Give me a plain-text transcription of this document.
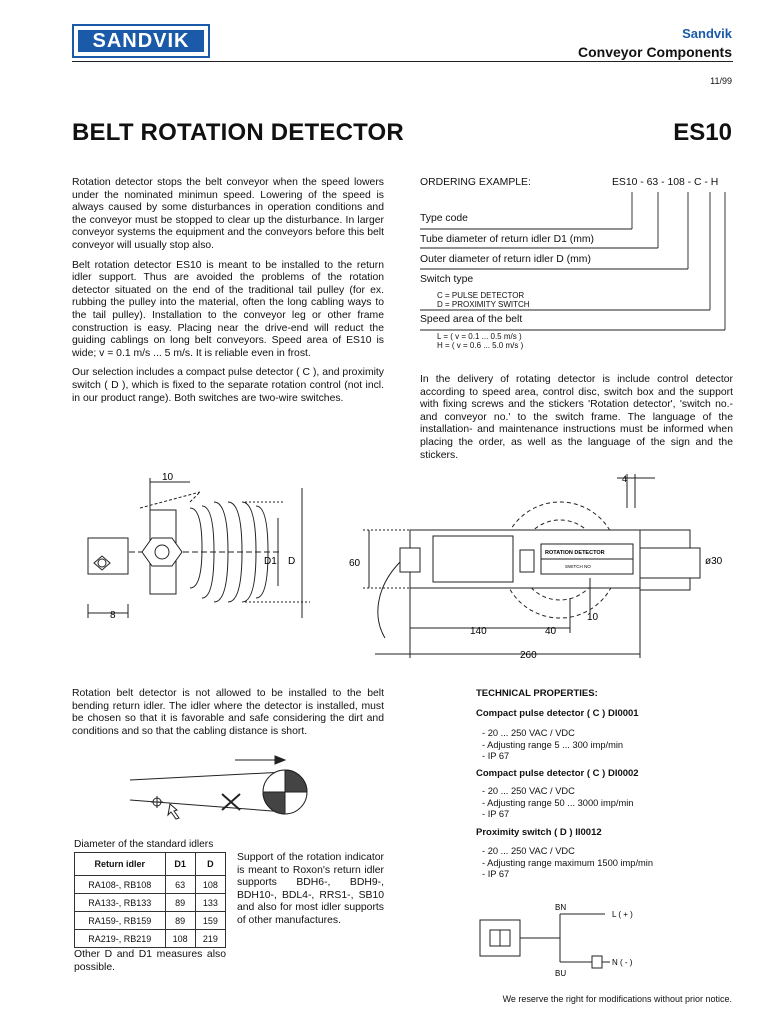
SANDVIK	Sandvik
Conveyor Components
11/99
BELT ROTATION DETECTOR	ES10

Rotation detector stops the belt conveyor when the speed lowers under the nominated minimun speed. Lowering of the speed is always caused by some disturbances in operation conditions and the conveyor must be stopped to clear up the disturbance. In larger conveyor systems the equipment and the conveyors before this belt conveyor will usually stop also.

Belt rotation detector ES10 is meant to be installed to the return idler support. Thus are avoided the problems of the rotation detector situated on the end of the traditional tail pulley (for ex. rubbing the pulley into the material, often the long cabling ways to the tail pulley). Installation to the conveyor leg or other frame construction is easy. Placing near the drive-end will reduct the guiding cablings on long belt conveyors. Speed area of ES10 is wide; v = 0.1 m/s ... 5 m/s. It is reliable even in frost.

Our selection includes a compact pulse detector ( C ), and proximity switch ( D ), which is fixed to the separate rotation control (not incl. in our product range). Both switches are two-wire switches.

ORDERING EXAMPLE:	ES10 - 63 - 108 - C - H
Type code
Tube diameter of return idler D1 (mm)
Outer diameter of return idler D (mm)
Switch type
C = PULSE DETECTOR
D = PROXIMITY SWITCH
Speed area of the belt
L = ( v = 0.1 ... 0.5 m/s )
H = ( v = 0.6 ... 5.0 m/s )

In the delivery of rotating detector is include control detector according to speed area, control disc, switch box and the support with fixing screws and the stickers 'Rotation detector', 'switch no.- and conveyor no.' to the switch frame. The language of the installation- and maintenance instructions must be informed when placing the order, as well as the language of the sign and the stickers.

10
D1 D
8
4
ø30
60
ROTATION DETECTOR
SWITCH NO
10
140	40
260

Rotation belt detector is not allowed to be installed to the belt bending return idler. The idler where the detector is installed, must be chosen so that it is favorable and safe considering the dirt and conditions and so that the cabling distance is short.

Diameter of the standard idlers
Return idler	D1	D
RA108-, RB108	63	108
RA133-, RB133	89	133
RA159-, RB159	89	159
RA219-, RB219	108	219

Other D and D1 measures also possible.

Support of the rotation indicator is meant to Roxon's return idler supports BDH6-, BDH9-, BDH10-, BDL4-, RRS1-, SB10 and also for most idler supports of other manufactures.

TECHNICAL PROPERTIES:
Compact pulse detector ( C ) DI0001
- 20 ... 250 VAC / VDC
- Adjusting range 5 ... 300 imp/min
- IP 67
Compact pulse detector ( C ) DI0002
- 20 ... 250 VAC / VDC
- Adjusting range 50 ... 3000 imp/min
- IP 67
Proximity switch ( D ) II0012
- 20 ... 250 VAC / VDC
- Adjusting range maximum 1500 imp/min
- IP 67
BN
BU
L ( + )
N ( - )
We reserve the right for modifications without prior notice.
